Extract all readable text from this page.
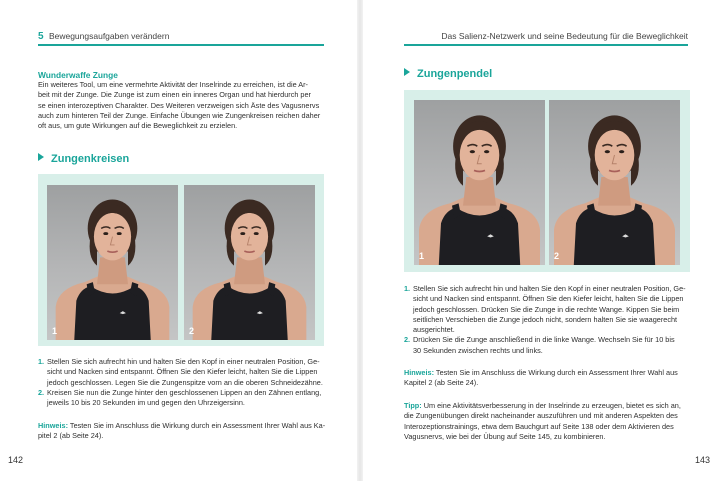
5 Bewegungsaufgaben verändern
Wunderwaffe Zunge
Ein weiteres Tool, um eine vermehrte Aktivität der Inselrinde zu erreichen, ist die Ar-
beit mit der Zunge. Die Zunge ist zum einen ein inneres Organ und hat hierdurch per
se einen interozeptiven Charakter. Des Weiteren verzweigen sich Äste des Vagusnervs
auch zum hinteren Teil der Zunge. Einfache Übungen wie Zungenkreisen reichen daher
oft aus, um gute Wirkungen auf die Beweglichkeit zu erzielen.
Zungenkreisen
1	2
1. Stellen Sie sich aufrecht hin und halten Sie den Kopf in einer neutralen Position, Ge-
sicht und Nacken sind entspannt. Öffnen Sie den Kiefer leicht, halten Sie die Lippen
jedoch geschlossen. Legen Sie die Zungenspitze vorn an die oberen Schneidezähne.
2. Kreisen Sie nun die Zunge hinter den geschlossenen Lippen an den Zähnen entlang,
jeweils 10 bis 20 Sekunden im und gegen den Uhrzeigersinn.
Hinweis: Testen Sie im Anschluss die Wirkung durch ein Assessment Ihrer Wahl aus Ka-
pitel 2 (ab Seite 24).
142
Das Salienz-Netzwerk und seine Bedeutung für die Beweglichkeit
Zungenpendel
1	2
1. Stellen Sie sich aufrecht hin und halten Sie den Kopf in einer neutralen Position, Ge-
sicht und Nacken sind entspannt. Öffnen Sie den Kiefer leicht, halten Sie die Lippen
jedoch geschlossen. Drücken Sie die Zunge in die rechte Wange. Kippen Sie beim
seitlichen Verschieben die Zunge jedoch nicht, sondern halten Sie sie waagerecht
ausgerichtet.
2. Drücken Sie die Zunge anschließend in die linke Wange. Wechseln Sie für 10 bis
30 Sekunden zwischen rechts und links.
Hinweis: Testen Sie im Anschluss die Wirkung durch ein Assessment Ihrer Wahl aus
Kapitel 2 (ab Seite 24).
Tipp: Um eine Aktivitätsverbesserung in der Inselrinde zu erzeugen, bietet es sich an,
die Zungenübungen direkt nacheinander auszuführen und mit anderen Aspekten des
Interozeptionstrainings, etwa dem Bauchgurt auf Seite 138 oder dem Aktivieren des
Vagusnervs, wie bei der Übung auf Seite 145, zu kombinieren.
143
